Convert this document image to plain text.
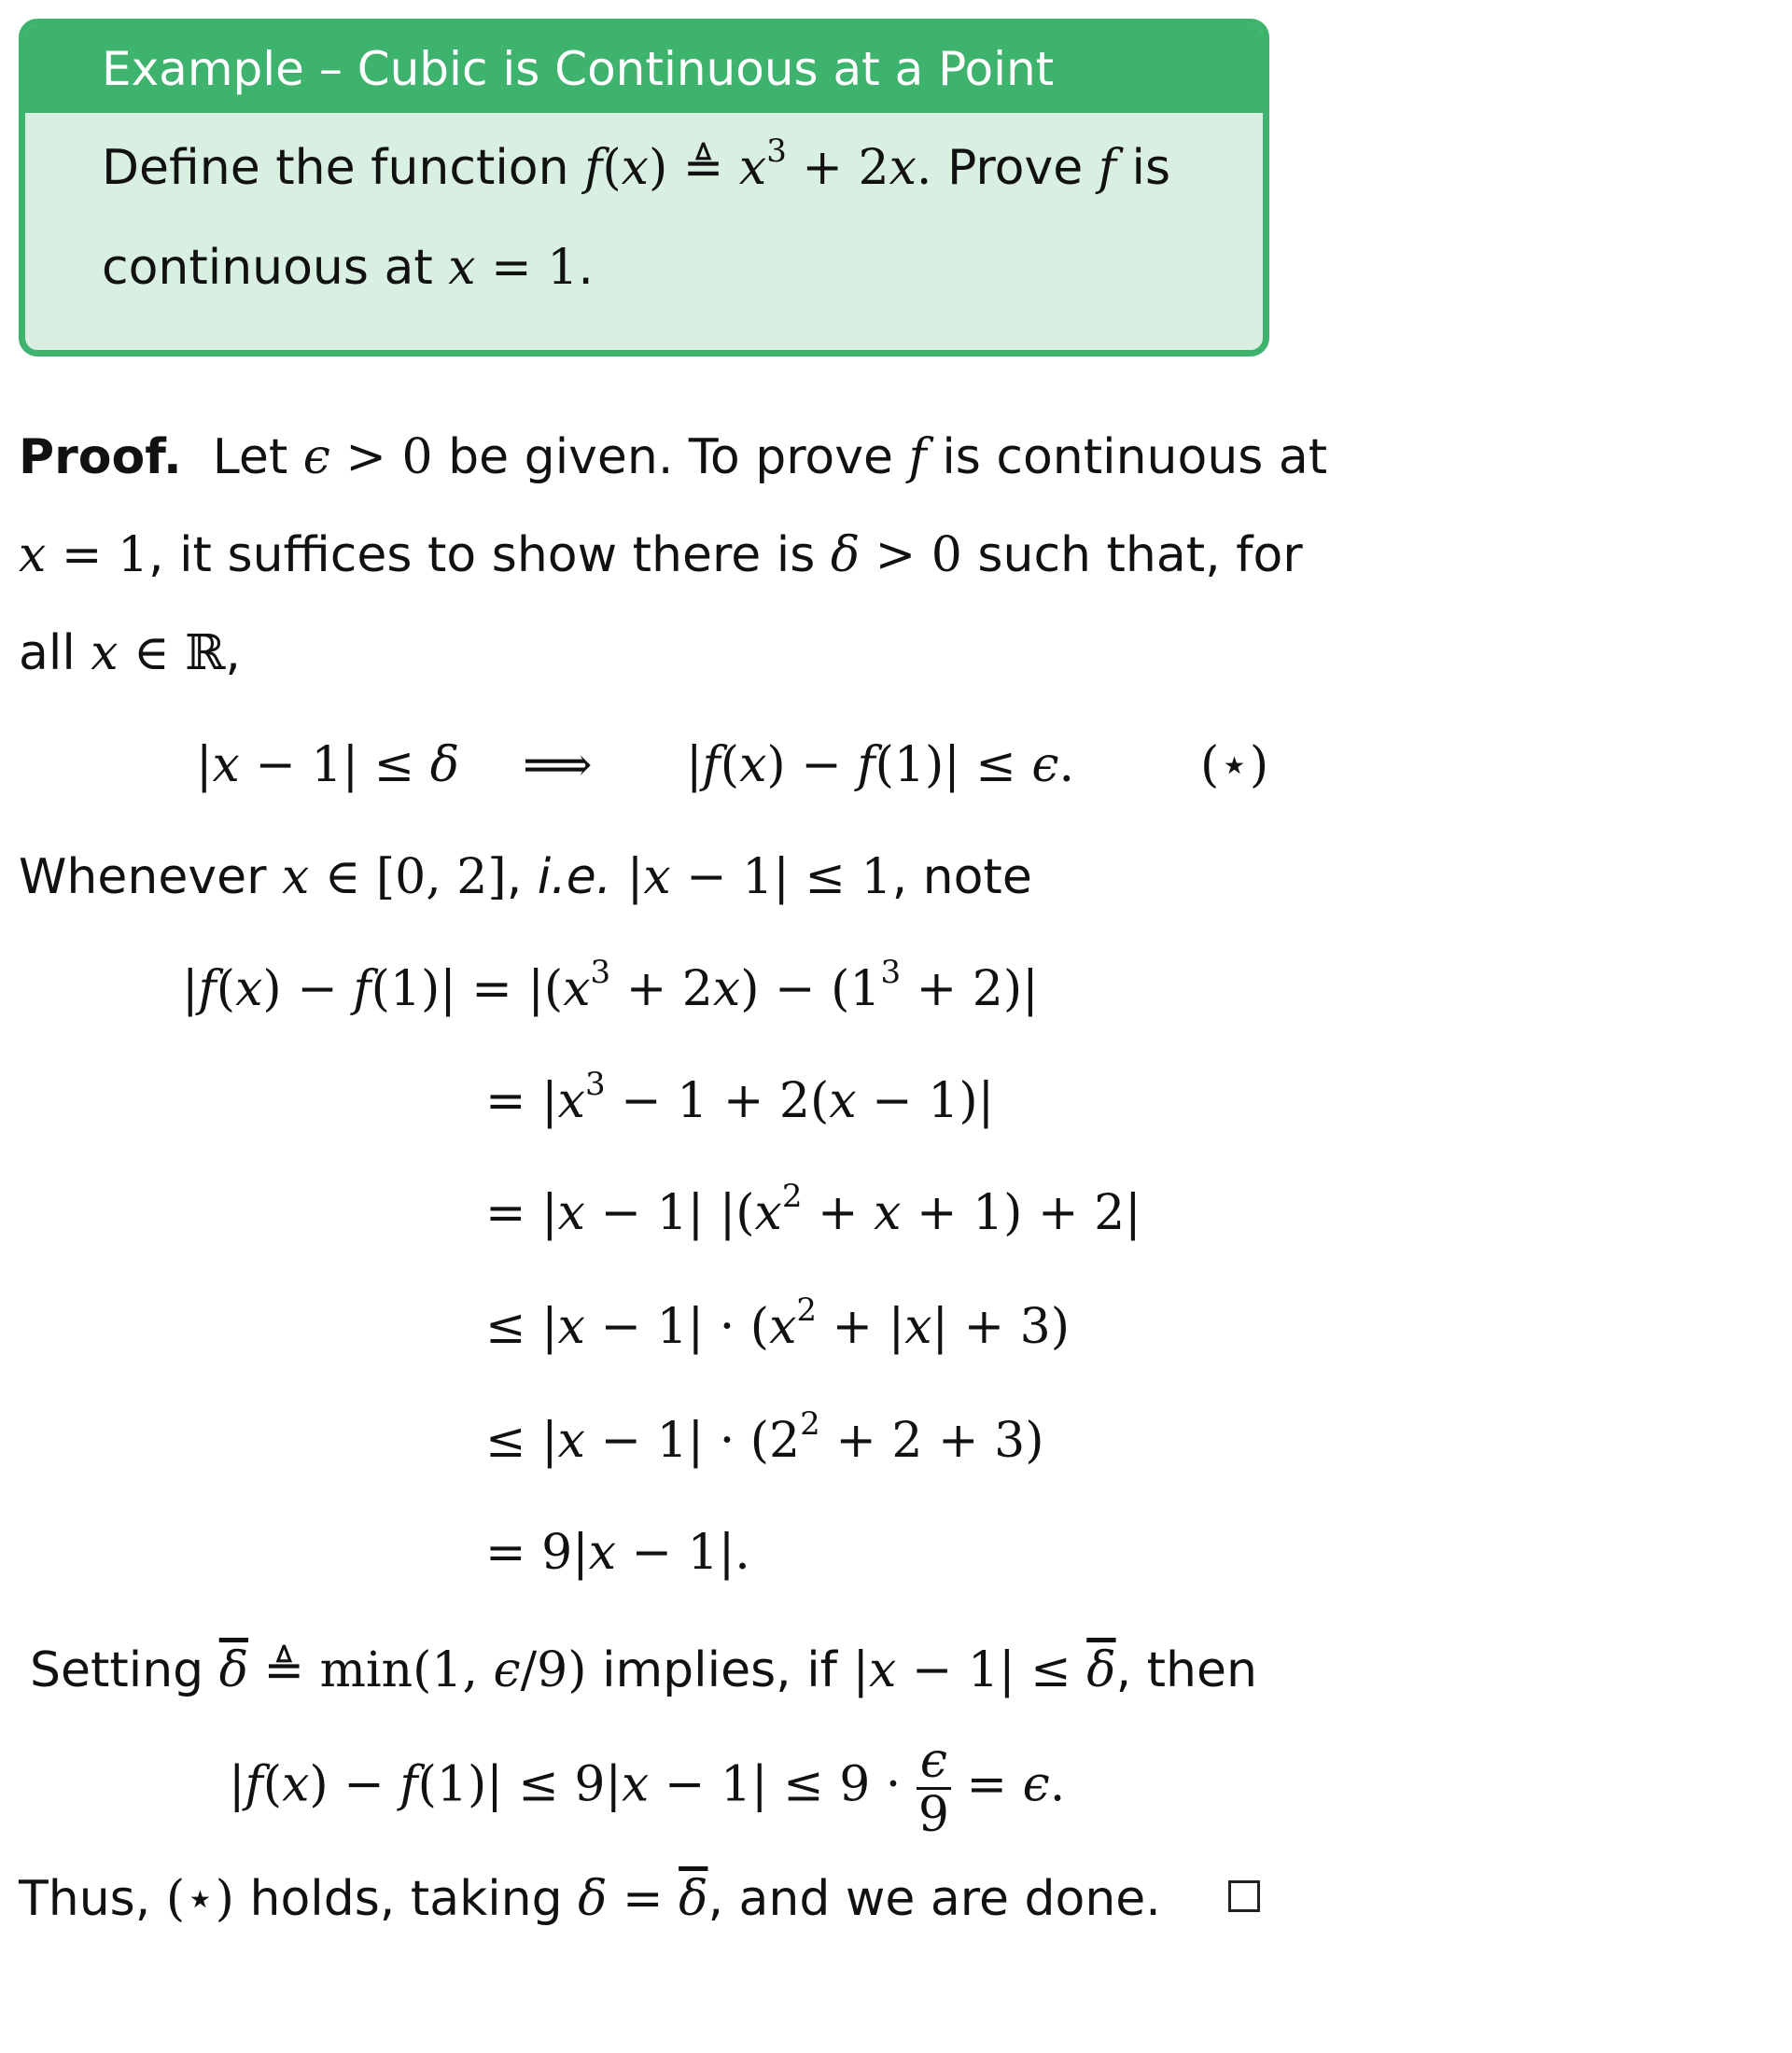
Example – Cubic is Continuous at a Point
Define the function f(x) ≜ $x^3 + 2x$. Prove f is
continuous at x = 1.
Proof.  Let ϵ > 0 be given. To prove f is continuous at
x = 1, it suffices to show there is δ > 0 such that, for
all x ∈ ℝ,
|x − 1| ≤ δ ⟹ |f(x) − f(1)| ≤ ϵ.	(⋆)
Whenever x ∈ [0, 2], i.e. |x − 1| ≤ 1, note
$|f(x) - f(1)| = |(x^3 + 2x) - (1^3 + 2)|$
= $|x^3 - 1 + 2(x - 1)|$
= |x − 1| $|(x^2 + x + 1) + 2|$
≤ $|x - 1| \cdot (x^2 + |x| + 3)$
≤ $|x - 1| \cdot (2^2 + 2 + 3)$
= 9|x − 1|.
Setting $\overline{\delta}$ ≜ min(1, ϵ/9) implies, if $|x - 1| \le \overline{\delta}$, then
$|f(x) - f(1)| \le 9|x - 1| \le 9 \cdot \frac{\epsilon}{9} = \epsilon$.
Thus, (⋆) holds, taking $\delta = \overline{\delta}$, and we are done.
